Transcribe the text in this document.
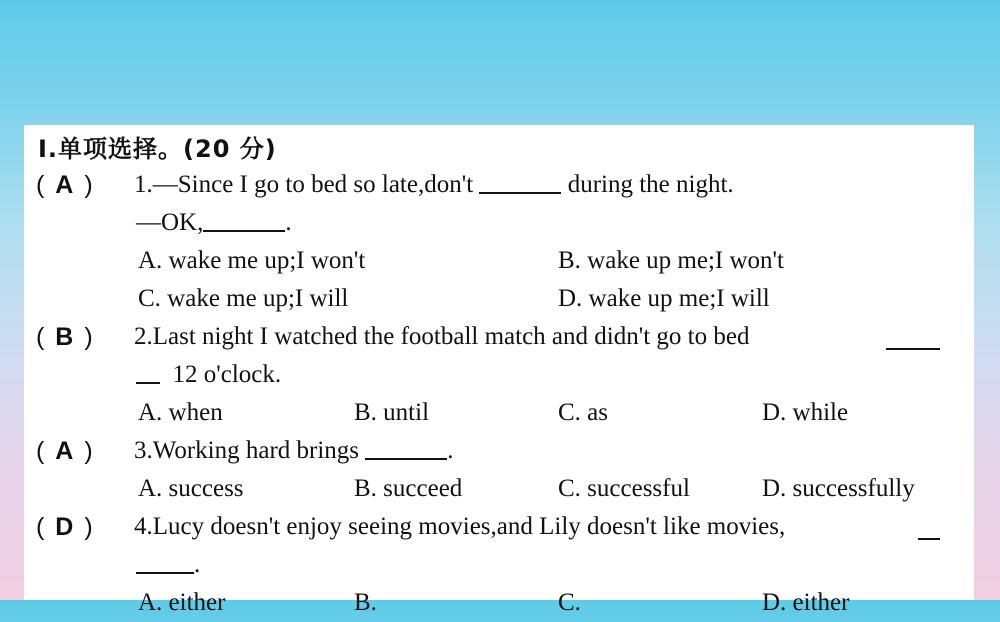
Ⅰ.单项选择。(20 分)
( A ) 1.—Since I go to bed so late,don't	during the night.
—OK,	.
A. wake me up;I won't	B. wake up me;I won't
C. wake me up;I will	D. wake up me;I will
( B ) 2.Last night I watched the football match and didn't go to bed
12 o'clock.
A. when	B. until	C. as	D. while
( A ) 3.Working hard brings	.
A. success	B. succeed	C. successful	D. successfully
( D ) 4.Lucy doesn't enjoy seeing movies,and Lily doesn't like movies,
.
A. either	B.	C.	D. either
